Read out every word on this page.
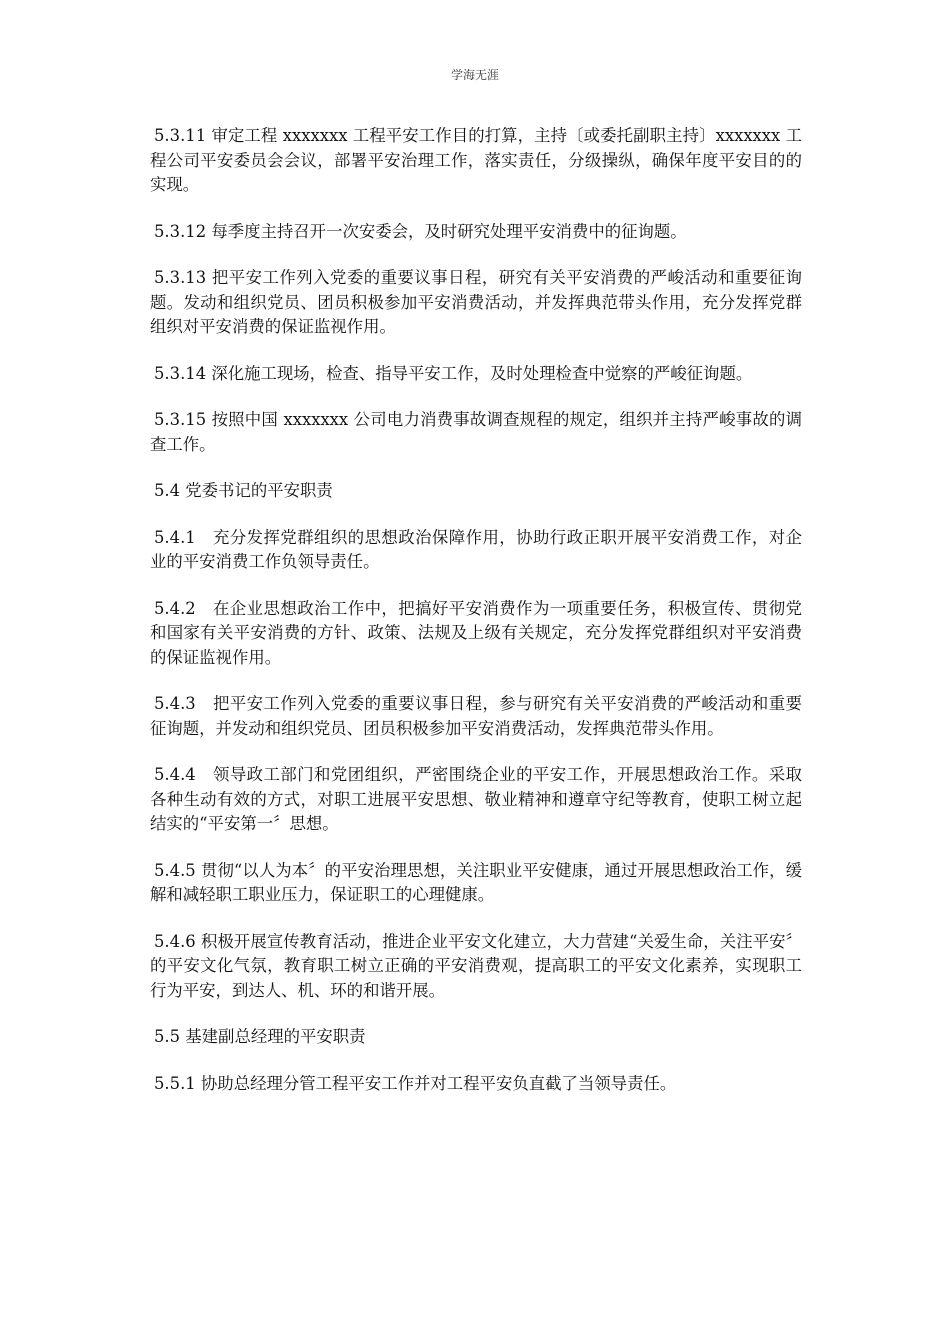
学海无涯

5.3.11 审定工程 xxxxxxx 工程平安工作目的打算，主持〔或委托副职主持〕xxxxxxx 工程公司平安委员会会议，部署平安治理工作，落实责任，分级操纵，确保年度平安目的的实现。

5.3.12 每季度主持召开一次安委会，及时研究处理平安消费中的征询题。

5.3.13 把平安工作列入党委的重要议事日程，研究有关平安消费的严峻活动和重要征询题。发动和组织党员、团员积极参加平安消费活动，并发挥典范带头作用，充分发挥党群组织对平安消费的保证监视作用。

5.3.14 深化施工现场，检查、指导平安工作，及时处理检查中觉察的严峻征询题。

5.3.15 按照中国 xxxxxxx 公司电力消费事故调查规程的规定，组织并主持严峻事故的调查工作。

5.4 党委书记的平安职责

5.4.1　充分发挥党群组织的思想政治保障作用，协助行政正职开展平安消费工作，对企业的平安消费工作负领导责任。

5.4.2　在企业思想政治工作中，把搞好平安消费作为一项重要任务，积极宣传、贯彻党和国家有关平安消费的方针、政策、法规及上级有关规定，充分发挥党群组织对平安消费的保证监视作用。

5.4.3　把平安工作列入党委的重要议事日程，参与研究有关平安消费的严峻活动和重要征询题，并发动和组织党员、团员积极参加平安消费活动，发挥典范带头作用。

5.4.4　领导政工部门和党团组织，严密围绕企业的平安工作，开展思想政治工作。采取各种生动有效的方式，对职工进展平安思想、敬业精神和遵章守纪等教育，使职工树立起结实的“平安第一〞思想。

5.4.5 贯彻“以人为本〞的平安治理思想，关注职业平安健康，通过开展思想政治工作，缓解和减轻职工职业压力，保证职工的心理健康。

5.4.6 积极开展宣传教育活动，推进企业平安文化建立，大力营建“关爱生命，关注平安〞的平安文化气氛，教育职工树立正确的平安消费观，提高职工的平安文化素养，实现职工行为平安，到达人、机、环的和谐开展。

5.5 基建副总经理的平安职责

5.5.1 协助总经理分管工程平安工作并对工程平安负直截了当领导责任。
